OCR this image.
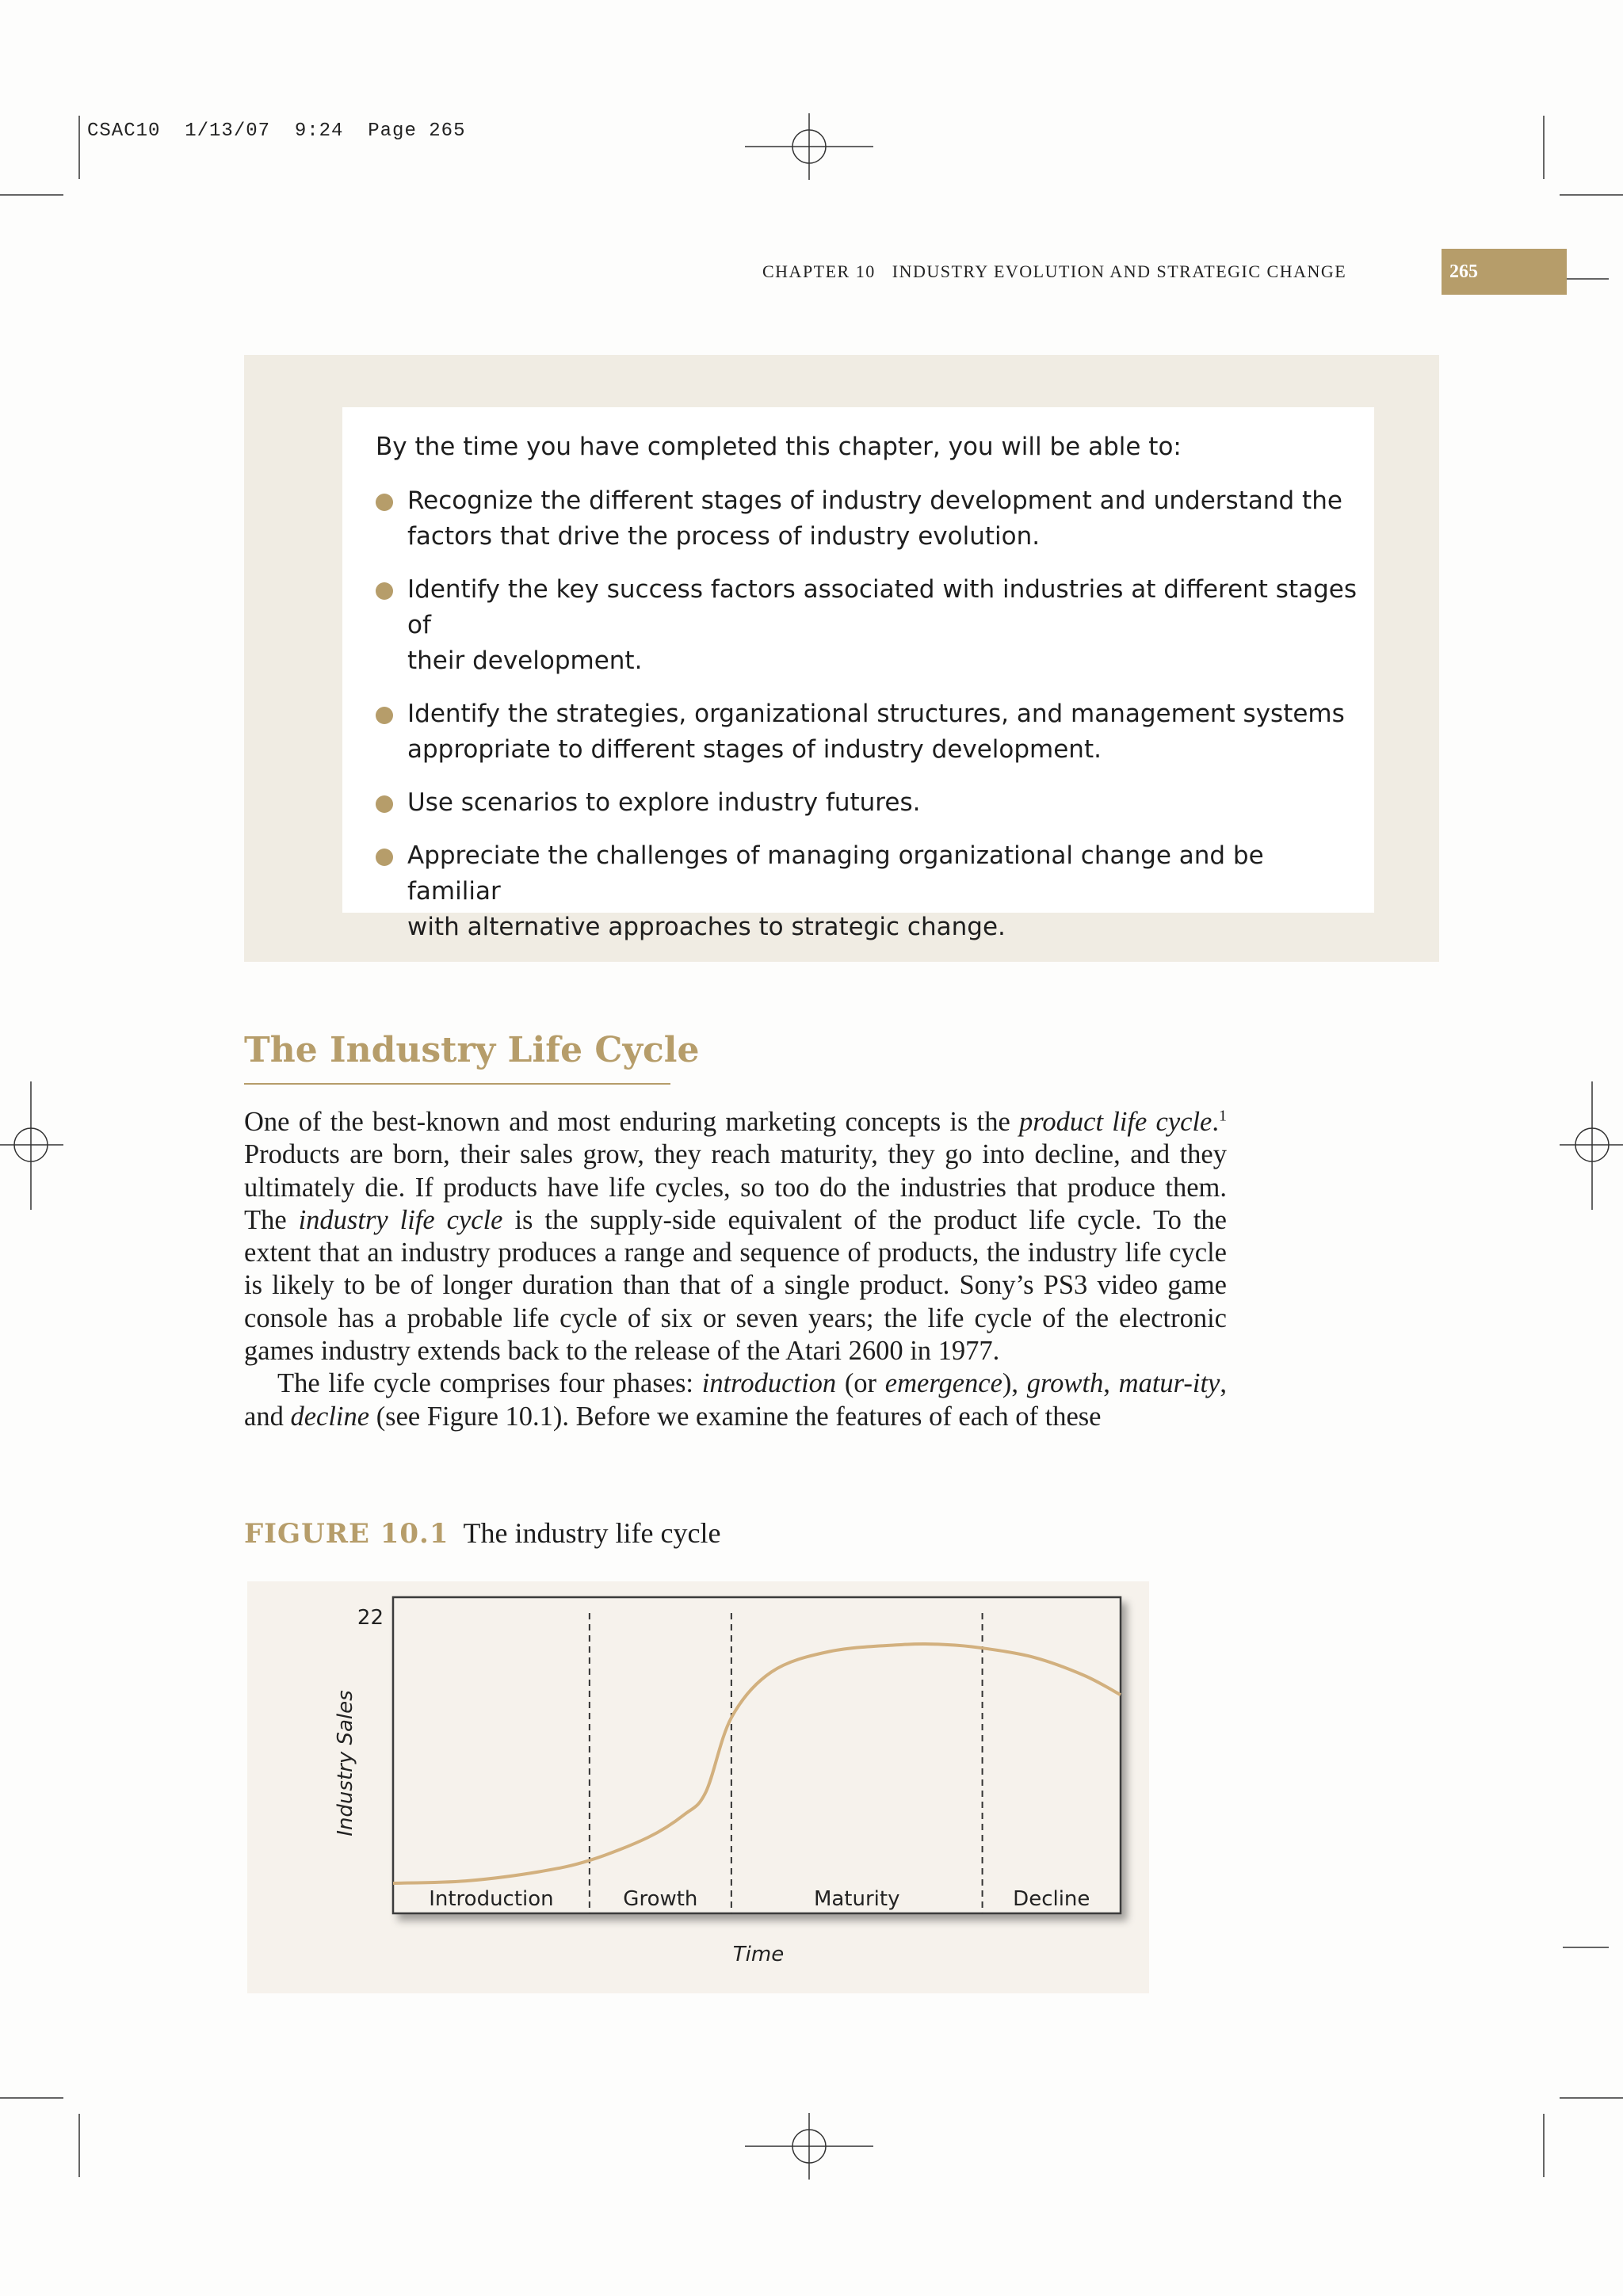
CSAC10  1/13/07  9:24  Page 265
CHAPTER 10 INDUSTRY EVOLUTION AND STRATEGIC CHANGE	265
By the time you have completed this chapter, you will be able to:
Recognize the different stages of industry development and understand the
factors that drive the process of industry evolution.
Identify the key success factors associated with industries at different stages of
their development.
Identify the strategies, organizational structures, and management systems
appropriate to different stages of industry development.
Use scenarios to explore industry futures.
Appreciate the challenges of managing organizational change and be familiar
with alternative approaches to strategic change.
The Industry Life Cycle

One of the best-known and most enduring marketing concepts is the product life cycle.$^1$ Products are born, their sales grow, they reach maturity, they go into decline, and they ultimately die. If products have life cycles, so too do the industries that produce them. The industry life cycle is the supply-side equivalent of the product life cycle. To the extent that an industry produces a range and sequence of products, the industry life cycle is likely to be of longer duration than that of a single product. Sony’s PS3 video game console has a probable life cycle of six or seven years; the life cycle of the electronic games industry extends back to the release of the Atari 2600 in 1977.

The life cycle comprises four phases: introduction (or emergence), growth, matur-ity, and decline (see Figure 10.1). Before we examine the features of each of these

FIGURE 10.1 The industry life cycle
Introduction	Growth	Maturity	Decline
22
Industry Sales
Time
